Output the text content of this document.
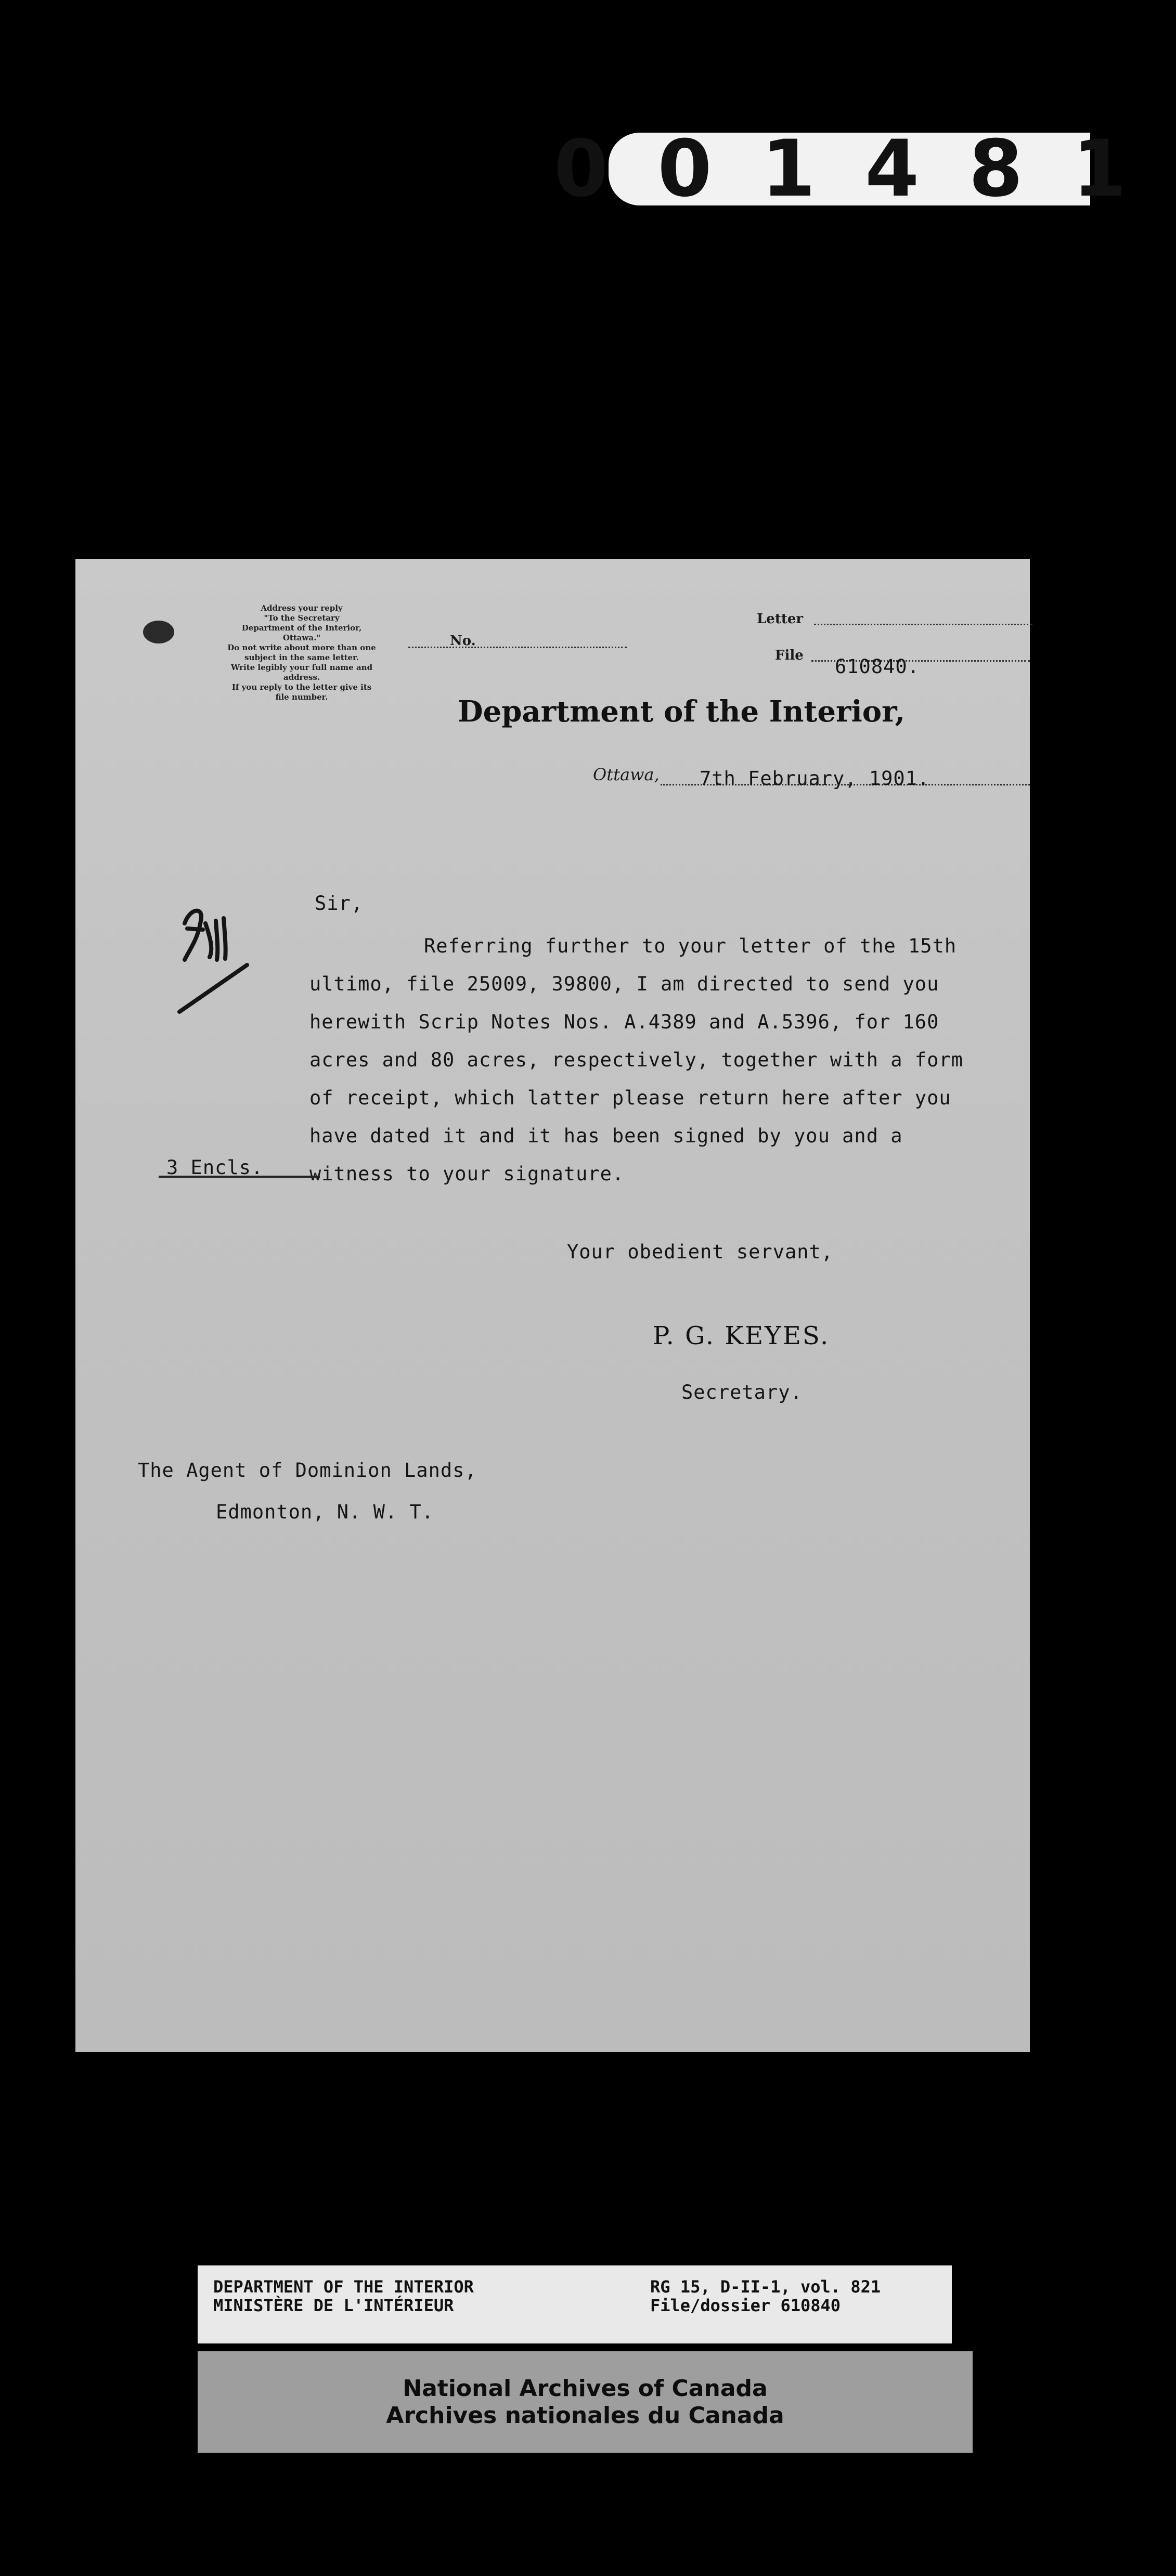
001481
Address your reply
"To the Secretary
Department of the Interior,
Ottawa."
Do not write about more than one
subject in the same letter.
Write legibly your full name and
address.
If you reply to the letter give its
file number.
No.
Letter
File 610840.
Department of the Interior,
Ottawa, 7th February, 1901.
Sir,
Referring further to your letter of the 15th
ultimo, file 25009, 39800, I am directed to send you
herewith Scrip Notes Nos. A.4389 and A.5396, for 160
acres and 80 acres, respectively, together with a form
of receipt, which latter please return here after you
have dated it and it has been signed by you and a
witness to your signature.
3 Encls.
Your obedient servant,
P. G. KEYES.
Secretary.
The Agent of Dominion Lands,
Edmonton, N. W. T.
DEPARTMENT OF THE INTERIOR
MINISTÈRE DE L'INTÉRIEUR
RG 15, D-II-1, vol. 821
File/dossier 610840
National Archives of Canada
Archives nationales du Canada
